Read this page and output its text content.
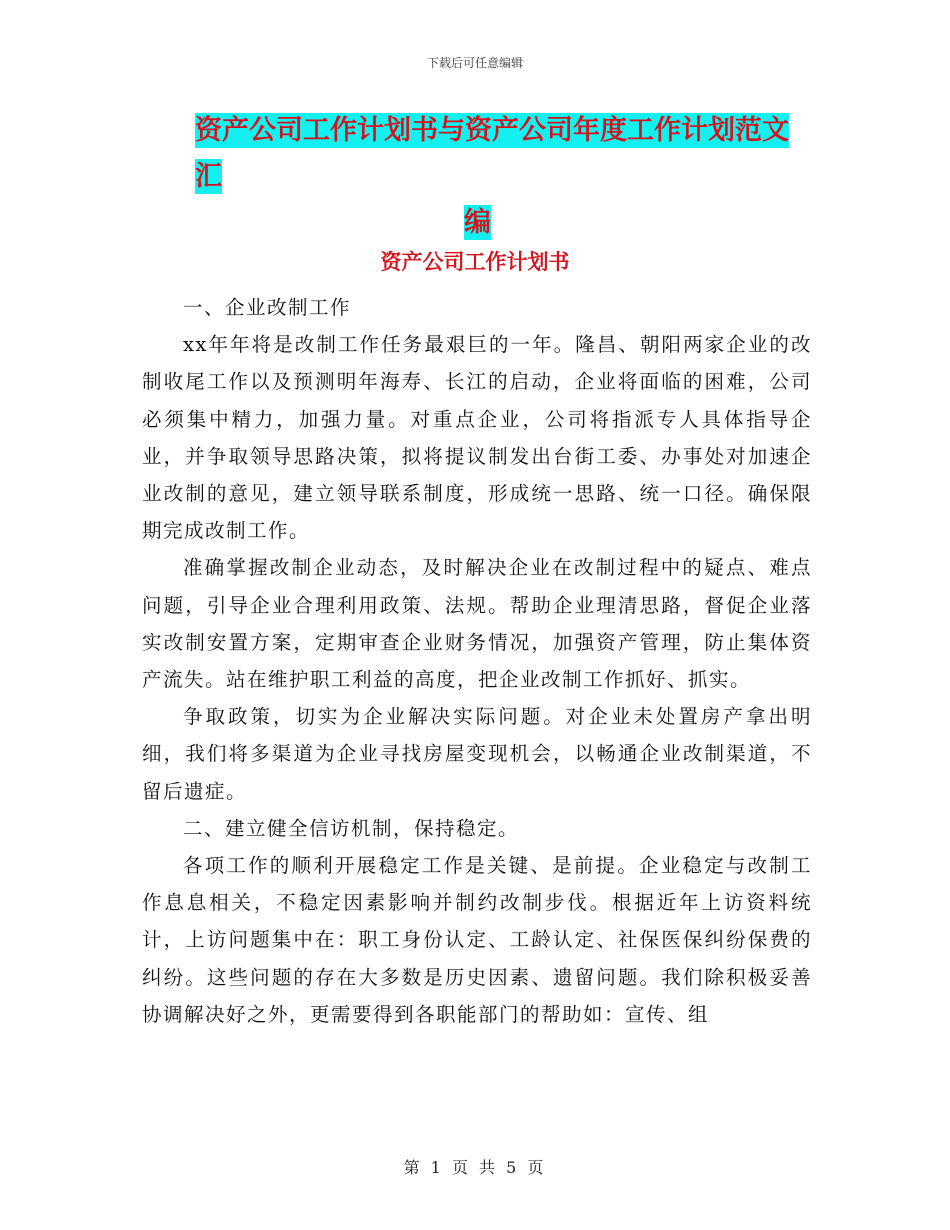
下载后可任意编辑
资产公司工作计划书与资产公司年度工作计划范文汇
编
资产公司工作计划书

一、企业改制工作

xx年年将是改制工作任务最艰巨的一年。隆昌、朝阳两家企业的改制收尾工作以及预测明年海寿、长江的启动，企业将面临的困难，公司必须集中精力，加强力量。对重点企业，公司将指派专人具体指导企业，并争取领导思路决策，拟将提议制发出台街工委、办事处对加速企业改制的意见，建立领导联系制度，形成统一思路、统一口径。确保限期完成改制工作。

准确掌握改制企业动态，及时解决企业在改制过程中的疑点、难点问题，引导企业合理利用政策、法规。帮助企业理清思路，督促企业落实改制安置方案，定期审查企业财务情况，加强资产管理，防止集体资产流失。站在维护职工利益的高度，把企业改制工作抓好、抓实。

争取政策，切实为企业解决实际问题。对企业未处置房产拿出明细，我们将多渠道为企业寻找房屋变现机会，以畅通企业改制渠道，不留后遗症。

二、建立健全信访机制，保持稳定。

各项工作的顺利开展稳定工作是关键、是前提。企业稳定与改制工作息息相关，不稳定因素影响并制约改制步伐。根据近年上访资料统计，上访问题集中在：职工身份认定、工龄认定、社保医保纠纷保费的纠纷。这些问题的存在大多数是历史因素、遗留问题。我们除积极妥善协调解决好之外，更需要得到各职能部门的帮助如：宣传、组

第 1 页 共 5 页
